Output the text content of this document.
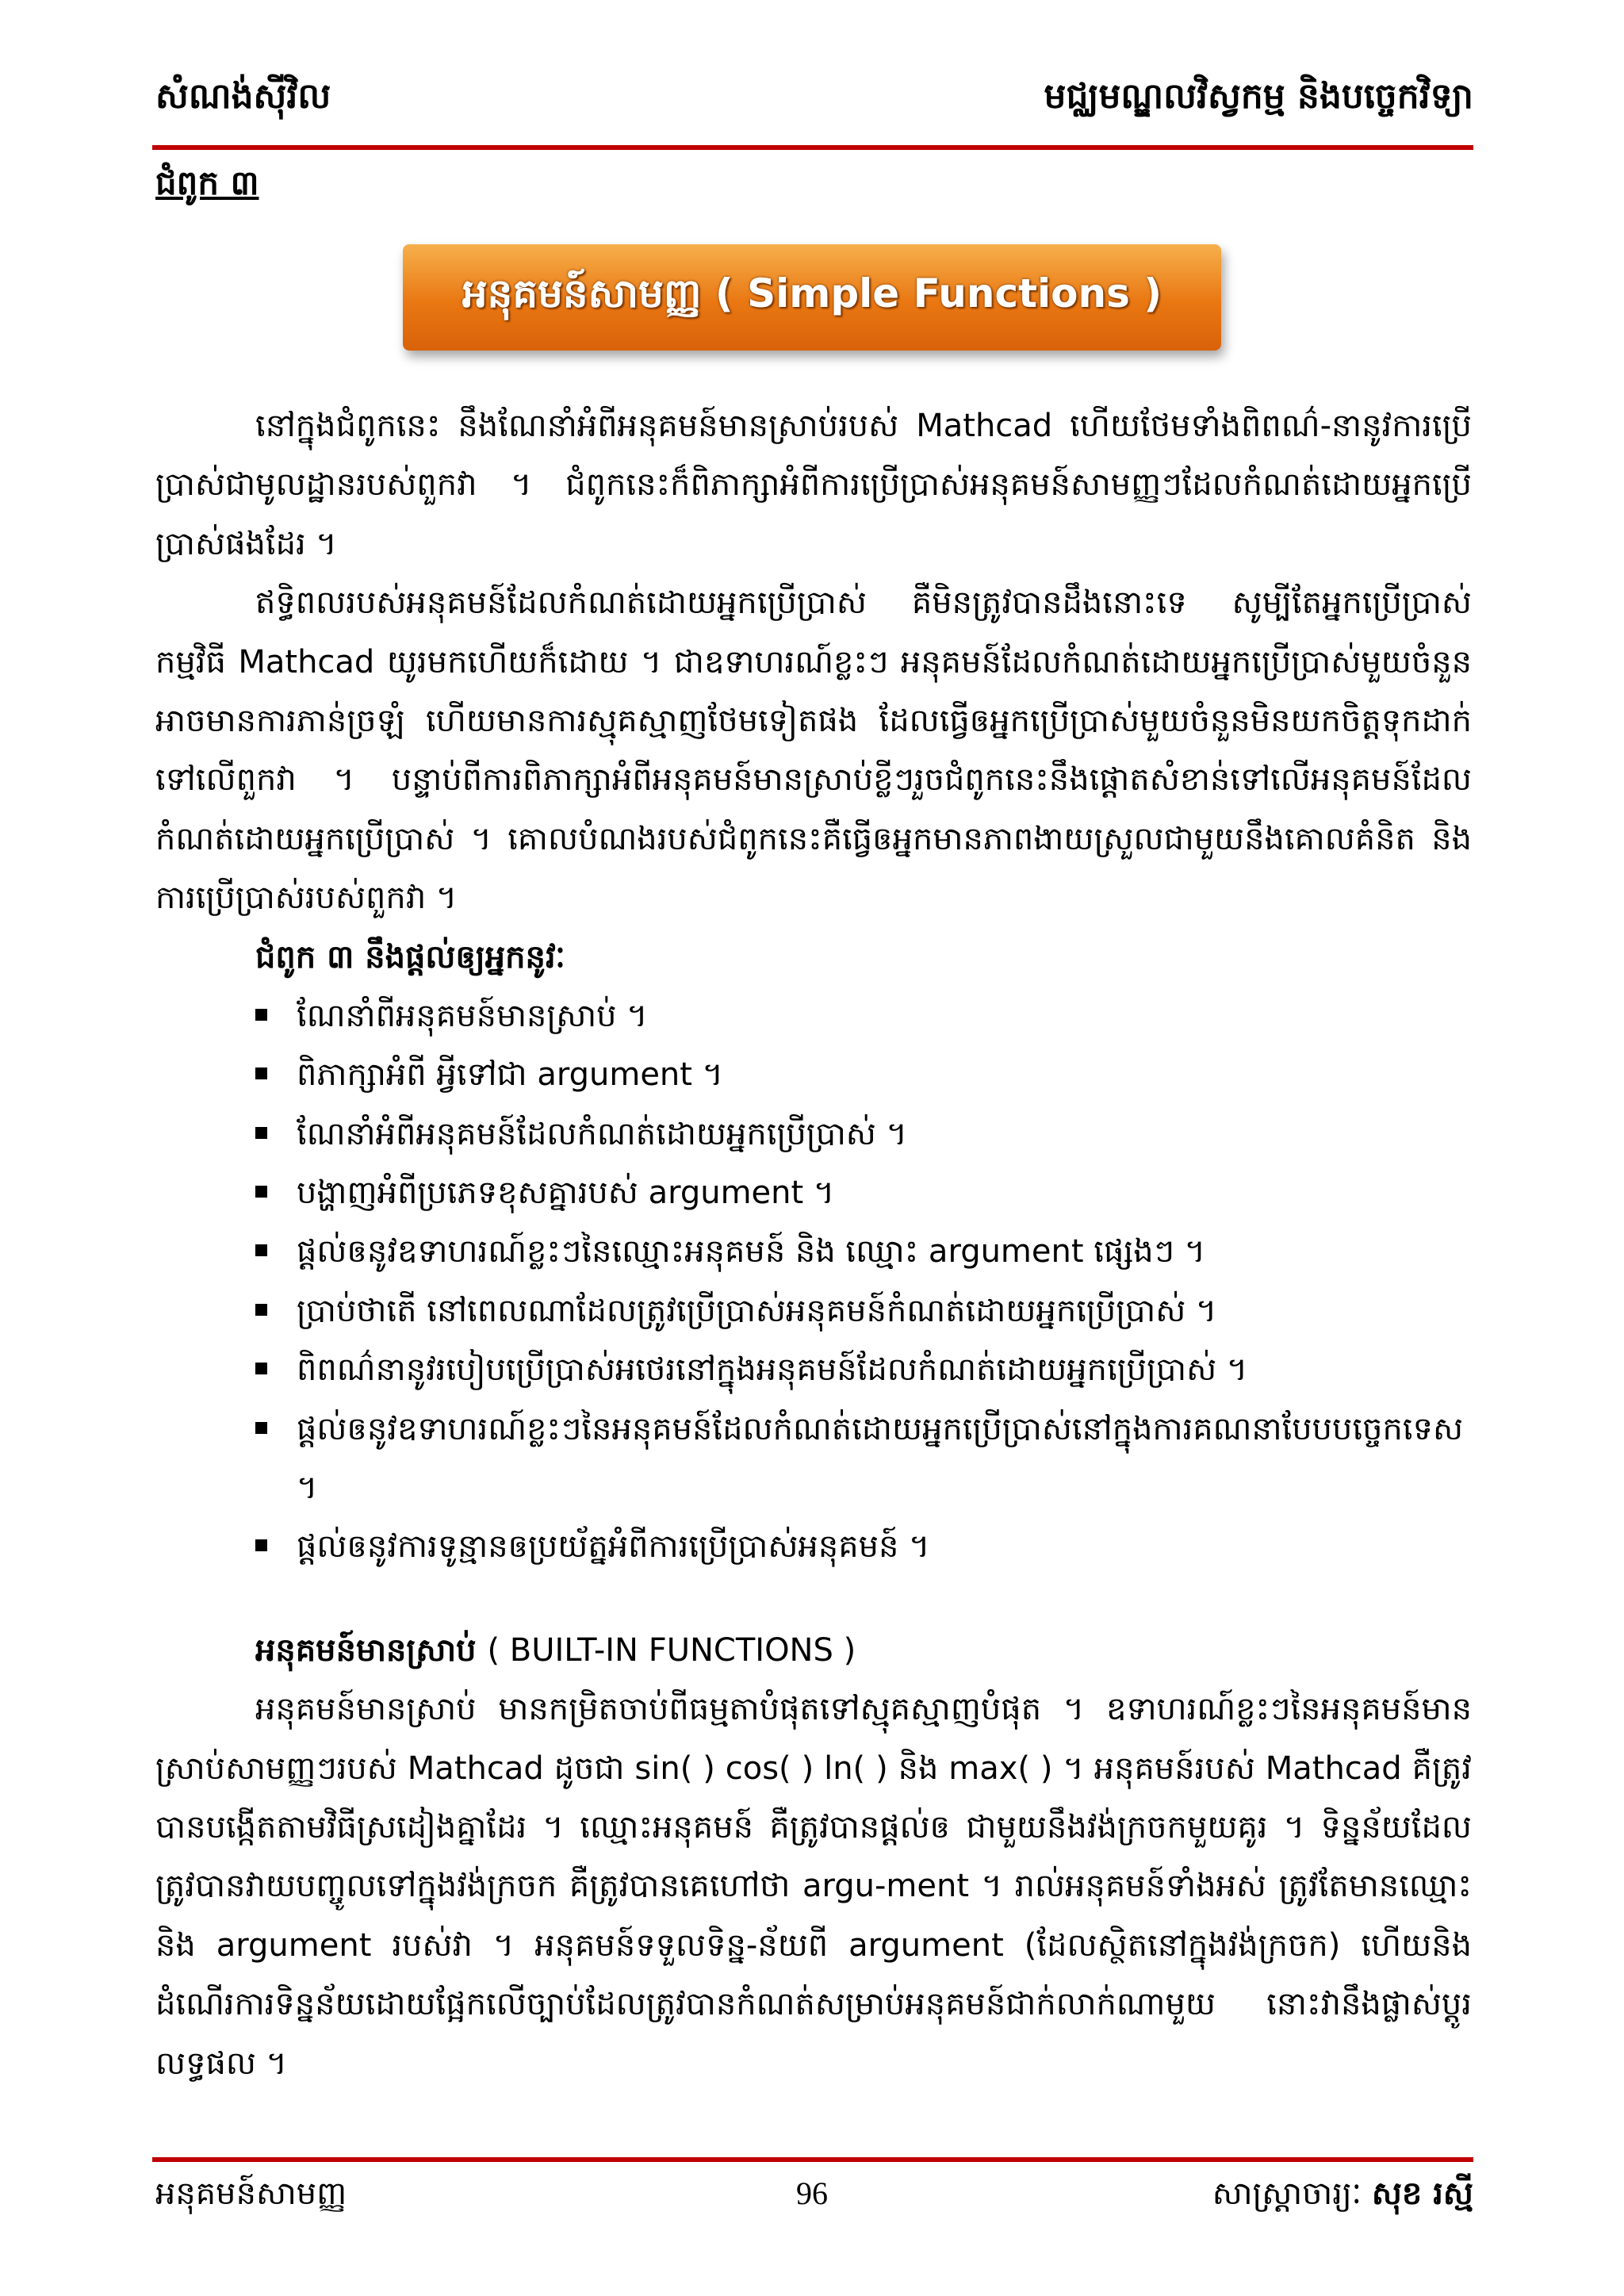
សំណង់ស៊ីវិល	មជ្ឈមណ្ឌលវិស្វកម្ម និងបច្ចេកវិទ្យា
ជំពូក ៣
អនុគមន៍សាមញ្ញ ( Simple Functions )

នៅក្នុងជំពូកនេះ នឹងណែនាំអំពីអនុគមន៍មានស្រាប់របស់ Mathcad ហើយថែមទាំងពិពណ៌-នានូវការប្រើប្រាស់ជាមូលដ្ឋានរបស់ពួកវា ។ ជំពូកនេះក៏ពិភាក្សាអំពីការប្រើប្រាស់អនុគមន៍សាមញ្ញៗដែលកំណត់ដោយអ្នកប្រើប្រាស់ផងដែរ ។

ឥទ្ធិពលរបស់អនុគមន៍ដែលកំណត់ដោយអ្នកប្រើប្រាស់ គឺមិនត្រូវបានដឹងនោះទេ សូម្បីតែអ្នកប្រើប្រាស់កម្មវិធី Mathcad យូរមកហើយក៏ដោយ ។ ជាឧទាហរណ៍ខ្លះៗ អនុគមន៍ដែលកំណត់ដោយអ្នកប្រើប្រាស់មួយចំនួនអាចមានការភាន់ច្រឡំ ហើយមានការស្មុគស្មាញថែមទៀតផង ដែលធ្វើឲអ្នកប្រើប្រាស់មួយចំនួនមិនយកចិត្តទុកដាក់ទៅលើពួកវា ។ បន្ទាប់ពីការពិភាក្សាអំពីអនុគមន៍មានស្រាប់ខ្លីៗរួចជំពូកនេះនឹងផ្តោតសំខាន់ទៅលើអនុគមន៍ដែលកំណត់ដោយអ្នកប្រើប្រាស់ ។ គោលបំណងរបស់ជំពូកនេះគឺធ្វើឲអ្នកមានភាពងាយស្រួលជាមួយនឹងគោលគំនិត និង ការប្រើប្រាស់របស់ពួកវា ។

ជំពូក ៣ នឹងផ្តល់ឲ្យអ្នកនូវៈ

ណែនាំពីអនុគមន៍មានស្រាប់ ។
ពិភាក្សាអំពី អ្វីទៅជា argument ។
ណែនាំអំពីអនុគមន៍ដែលកំណត់ដោយអ្នកប្រើប្រាស់ ។
បង្ហាញអំពីប្រភេទខុសគ្នារបស់ argument ។
ផ្តល់ឲនូវឧទាហរណ៍ខ្លះៗនៃឈ្មោះអនុគមន៍ និង ឈ្មោះ argument ផ្សេងៗ ។
ប្រាប់ថាតើ នៅពេលណាដែលត្រូវប្រើប្រាស់អនុគមន៍កំណត់ដោយអ្នកប្រើប្រាស់ ។
ពិពណ៌នានូវរបៀបប្រើប្រាស់អថេរនៅក្នុងអនុគមន៍ដែលកំណត់ដោយអ្នកប្រើប្រាស់ ។
ផ្តល់ឲនូវឧទាហរណ៍ខ្លះៗនៃអនុគមន៍ដែលកំណត់ដោយអ្នកប្រើប្រាស់នៅក្នុងការគណនាបែបបច្ចេកទេស ។
ផ្តល់ឲនូវការទូន្មានឲប្រយ័ត្នអំពីការប្រើប្រាស់អនុគមន៍ ។

អនុគមន៍មានស្រាប់ ( BUILT-IN FUNCTIONS )

អនុគមន៍មានស្រាប់ មានកម្រិតចាប់ពីធម្មតាបំផុតទៅស្មុគស្មាញបំផុត ។ ឧទាហរណ៍ខ្លះៗនៃអនុគមន៍មានស្រាប់សាមញ្ញៗរបស់ Mathcad ដូចជា sin( ) cos( ) ln( ) និង max( ) ។ អនុគមន៍របស់ Mathcad គឺត្រូវបានបង្កើតតាមវិធីស្រដៀងគ្នាដែរ ។ ឈ្មោះអនុគមន៍ គឺត្រូវបានផ្តល់ឲ ជាមួយនឹងវង់ក្រចកមួយគូរ ។ ទិន្នន័យដែលត្រូវបានវាយបញ្ចូលទៅក្នុងវង់ក្រចក គឺត្រូវបានគេហៅថា argu-ment ។ រាល់អនុគមន៍ទាំងអស់ ត្រូវតែមានឈ្មោះ និង argument របស់វា ។ អនុគមន៍ទទួលទិន្ន-ន័យពី argument (ដែលស្ថិតនៅក្នុងវង់ក្រចក) ហើយនិងដំណើរការទិន្នន័យដោយផ្អែកលើច្បាប់ដែលត្រូវបានកំណត់សម្រាប់អនុគមន៍ជាក់លាក់ណាមួយ នោះវានឹងផ្លាស់ប្តូរលទ្ធផល ។

អនុគមន៍សាមញ្ញ	96	សាស្ត្រាចារ្យៈ សុខ រស្មី
